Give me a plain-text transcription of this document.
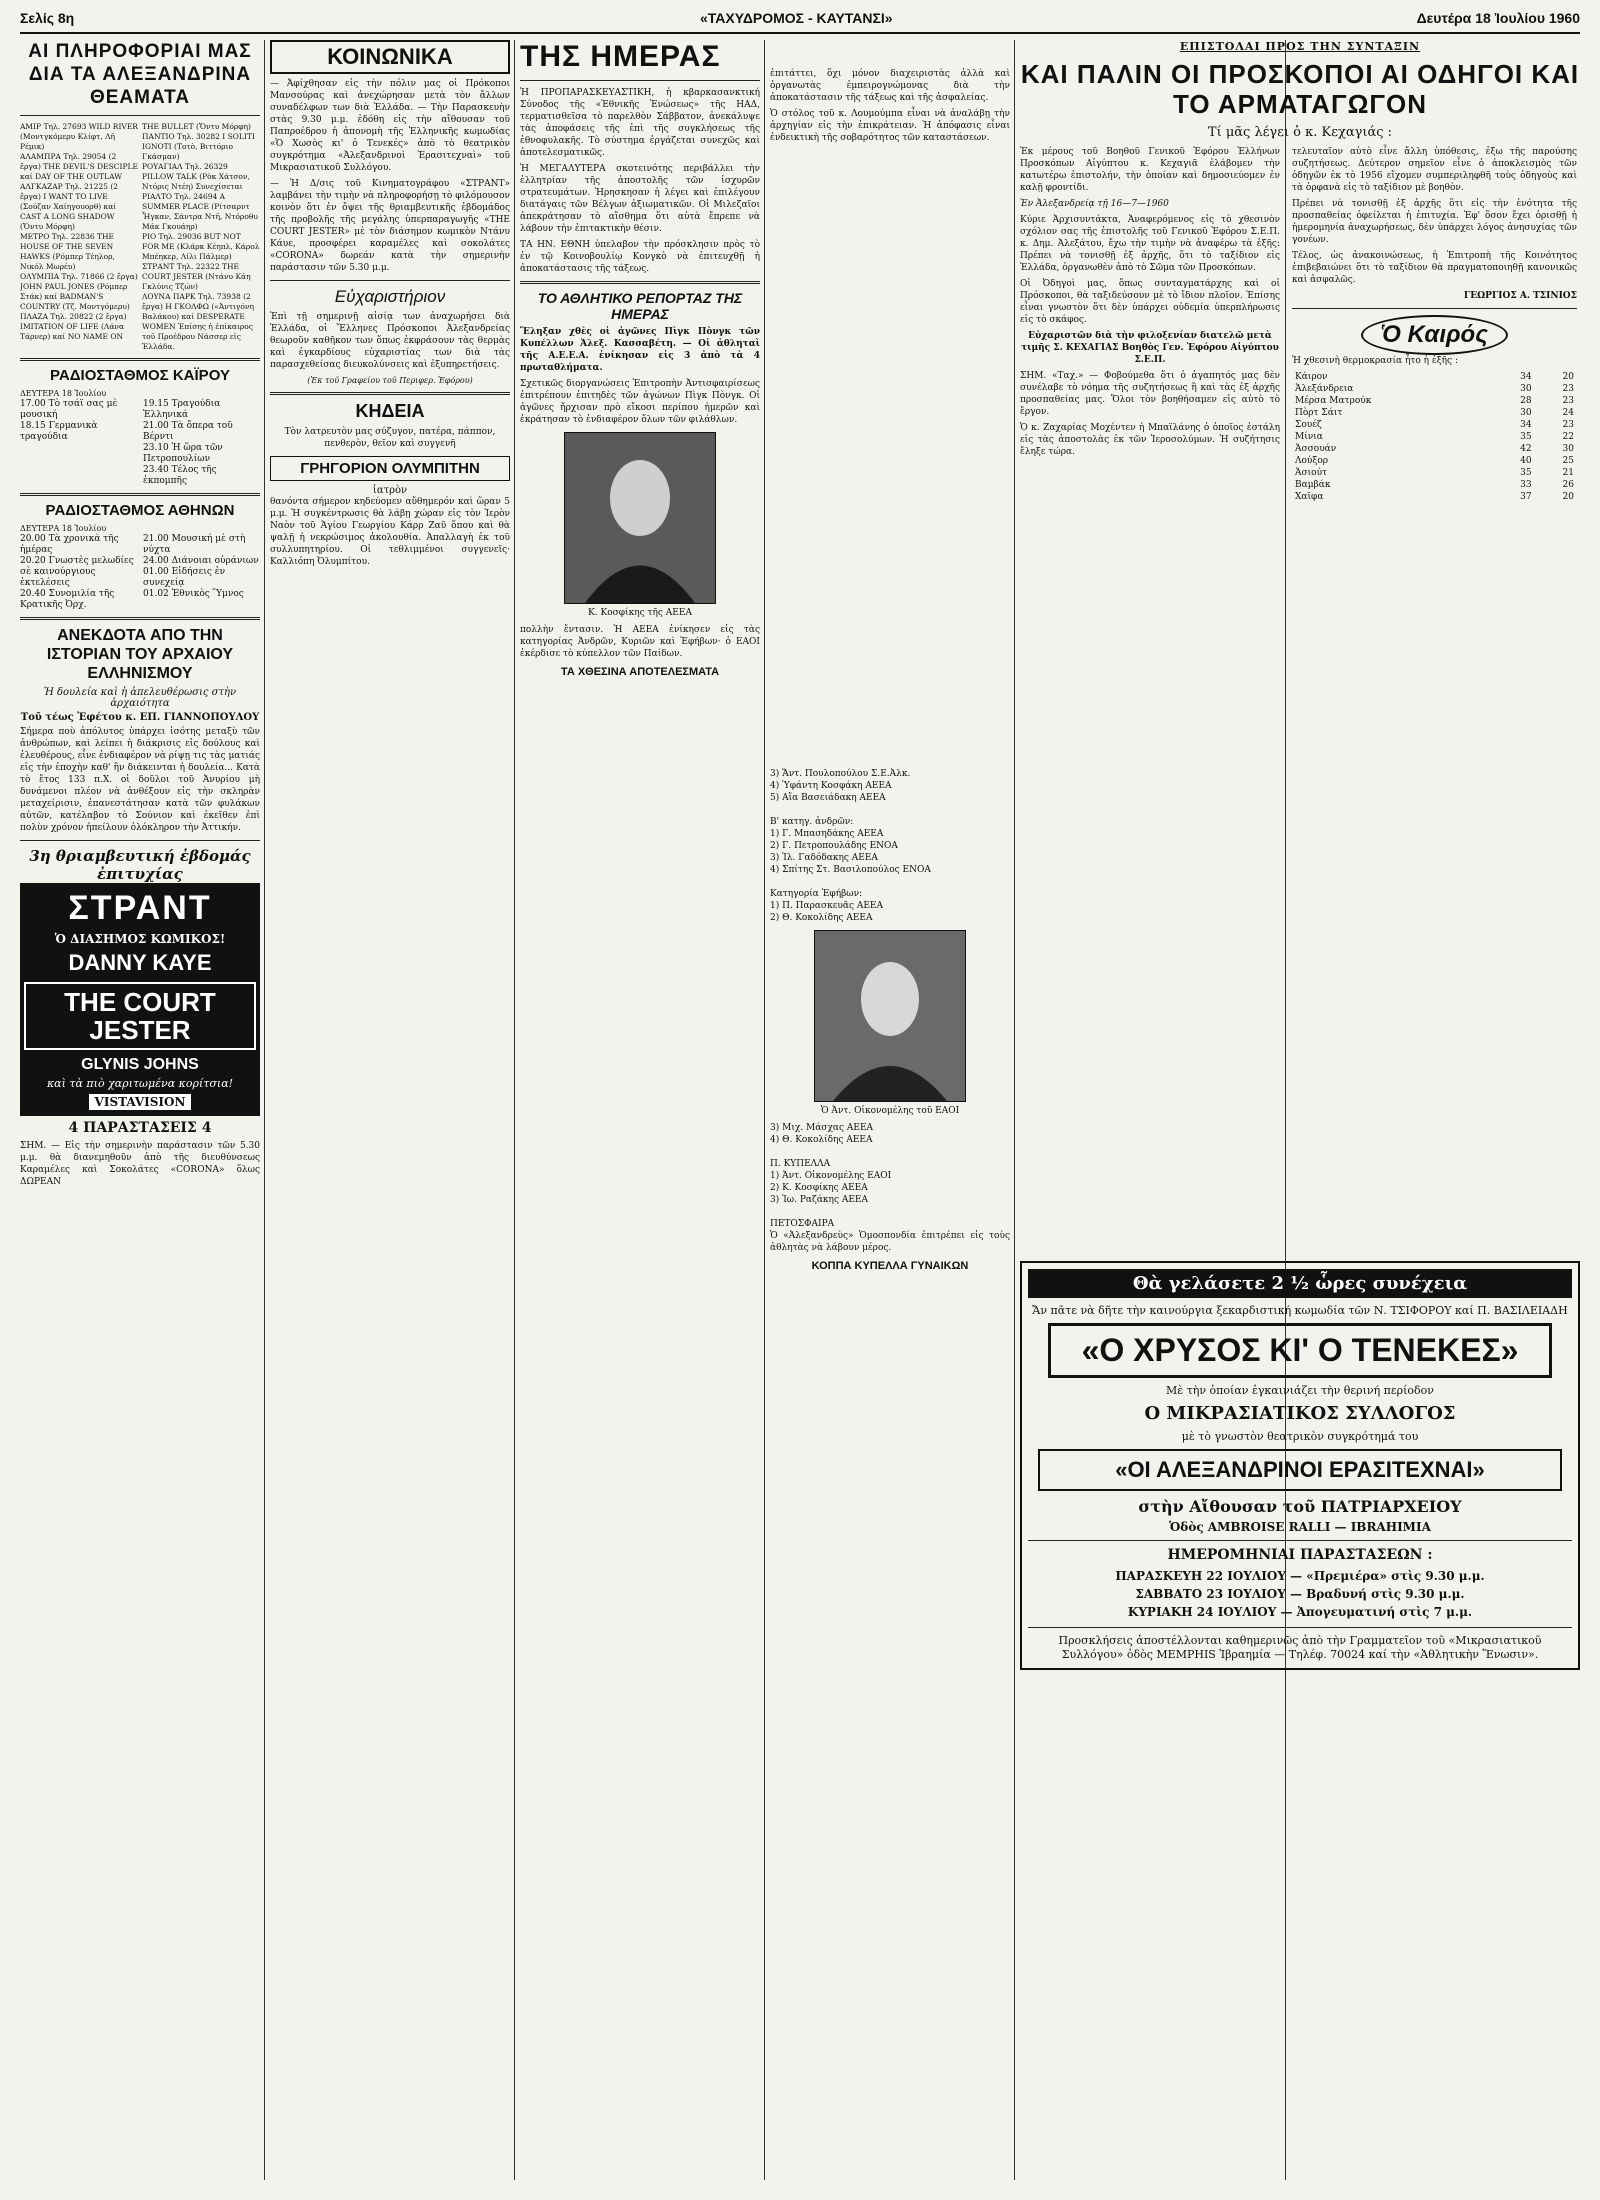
Σελίς 8η	«ΤΑΧΥΔΡΟΜΟΣ - ΚΑΥΤΑΝΣΙ»	Δευτέρα 18 Ἰουλίου 1960
ΑΙ ΠΛΗΡΟΦΟΡΙΑΙ ΜΑΣ ΔΙΑ ΤΑ ΑΛΕΞΑΝΔΡΙΝΑ ΘΕΑΜΑΤΑ

ΑΜΙΡ Τηλ. 27693 WILD RIVER (Μοντγκόμερυ Κλίφτ, Λῆ Ρέμικ)
ΑΛΑΜΠΡΑ Τηλ. 29054 (2 ἔργα) THE DEVIL'S DESCIPLE καί DAY OF THE OUTLAW
ΑΛΓΚΑΖΑΡ Τηλ. 21225 (2 ἔργα) I WANT TO LIVE (Σούζαν Χαίηγουορθ) καί CAST A LONG SHADOW (Ὄντυ Μόρφη)
ΜΕΤΡΟ Τηλ. 22836 THE HOUSE OF THE SEVEN HAWKS (Ρόμπερ Τέηλορ, Νικόλ Μωρέυ)
ΟΛΥΜΠΙΑ Τηλ. 71866 (2 ἔργα) JOHN PAUL JONES (Ρόμπερ Στάκ) καί BADMAN'S COUNTRY (Τζ. Μοντγόμερυ)
ΠΛΑΖΑ Τηλ. 20822 (2 ἔργα) IMITATION OF LIFE (Λάνα Τάρνερ) καί NO NAME ON

THE BULLET (Ὄντυ Μόρφη)
ΠΑΝΤΙΟ Τηλ. 30282 I SOLITI IGNOTI (Τοτὸ, Βιττόριο Γκάσμαν)
ΡΟΥΑΓΙΑΛ Τηλ. 26329 PILLOW TALK (Ρὸκ Χάτσον, Ντόρις Ντέη) Συνεχίσεται
ΡΙΑΛΤΟ Τηλ. 24694 A SUMMER PLACE (Ρίτσαρντ Ἦγκαν, Σάντρα Ντῆ, Ντόροθυ Μάκ Γκουάηρ)
ΡΙΟ Τηλ. 29036 BUT NOT FOR ME (Κλάρκ Κέηπλ, Κάρολ Μπέηκερ, Λίλι Πάλμερ)
ΣΤΡΑΝΤ Τηλ. 22322 THE COURT JESTER (Ντάνυ Κάη Γκλύνις Τζών)
ΛΟΥΝΑ ΠΑΡΚ Τηλ. 73938 (2 ἔργα) Η ΓΚΟΛΦΩ («Ἀντιγόνη Βαλάκου) καί DESPERATE WOMEN Ἐπίσης ἡ ἐπίκαιρος τοῦ Προέδρου Νάσσερ εἰς Ἑλλάδα.

ΡΑΔΙΟΣΤΑΘΜΟΣ ΚΑΪΡΟΥ
ΔΕΥΤΕΡΑ 18 Ἰουλίου
17.00 Τὸ τσάϊ σας μὲ μουσική
18.15 Γερμανικὰ τραγούδια
19.15 Τραγούδια Ἑλληνικά
21.00 Τὰ ὄπερα τοῦ Βέρντι
23.10 Ἡ ὥρα τῶν Πετροπουλίων
23.40 Τέλος τῆς ἐκπομπῆς
ΡΑΔΙΟΣΤΑΘΜΟΣ ΑΘΗΝΩΝ
ΔΕΥΤΕΡΑ 18 Ἰουλίου
20.00 Τὰ χρονικὰ τῆς ἡμέρας
20.20 Γνωστὲς μελωδίες σὲ καινούργιους ἐκτελέσεις
20.40 Συνομιλία τῆς Κρατικῆς Ὀρχ.
21.00 Μουσική μὲ στὴ νύχτα
24.00 Διάνοιαι οὐράνιων
01.00 Εἰδήσεις ἐν συνεχείᾳ
01.02 Ἐθνικὸς Ὕμνος
ΑΝΕΚΔΟΤΑ ΑΠΟ ΤΗΝ ΙΣΤΟΡΙΑΝ ΤΟΥ ΑΡΧΑΙΟΥ ΕΛΛΗΝΙΣΜΟΥ
Ἡ δουλεία καὶ ἡ ἀπελευθέρωσις στὴν ἀρχαιότητα
Τοῦ τέως Ἐφέτου κ. ΕΠ. ΓΙΑΝΝΟΠΟΥΛΟΥ

Σήμερα ποὺ ἀπόλυτος ὑπάρχει ἰσότης μεταξὺ τῶν ἀνθρώπων, καὶ λείπει ἡ διάκρισις εἰς δούλους καὶ ἐλευθέρους, εἶνε ἐνδιαφέρον νὰ ρίψῃ τις τὰς ματιάς εἰς τὴν ἐποχὴν καθ' ἣν διάκεινται ἡ δουλεία... Κατὰ τὸ ἔτος 133 π.Χ. οἱ δοῦλοι τοῦ Ἀνυρίου μὴ δυνάμενοι πλέον νὰ ἀνθέξουν εἰς τὴν σκληρὰν μεταχείρισιν, ἐπανεστάτησαν κατὰ τῶν φυλάκων αὐτῶν, κατέλαβον τὸ Σούνιον καὶ ἐκεῖθεν ἐπὶ πολὺν χρόνον ἠπείλουν ὁλόκληρον τὴν Ἀττικήν.

3η θριαμβευτική ἑβδομάς ἐπιτυχίας
ΣΤΡΑΝΤ
Ὁ ΔΙΑΣΗΜΟΣ ΚΩΜΙΚΟΣ!
DANNY KAYE
THE COURT JESTER
GLYNIS JOHNS
καὶ τὰ πιὸ χαριτωμένα κορίτσια!
VISTAVISION
4 ΠΑΡΑΣΤΑΣΕΙΣ 4

ΣΗΜ. — Εἰς τὴν σημερινὴν παράστασιν τῶν 5.30 μ.μ. θὰ διανεμηθοῦν ἀπὸ τῆς διευθύνσεως Καραμέλες καὶ Σοκολάτες «CORONA» ὅλως ΔΩΡΕΑΝ

ΚΟΙΝΩΝΙΚΑ

— Ἀφίχθησαν εἰς τὴν πόλιν μας οἱ Πρόκοποι Μανσούρας καὶ ἀνεχώρησαν μετὰ τὸν ἄλλων συναδέλφων των διὰ Ἑλλάδα. — Τὴν Παρασκευὴν στὰς 9.30 μ.μ. ἐδόθη εἰς τὴν αἴθουσαν τοῦ Παπροέδρου ἡ ἀπονομὴ τῆς Ἑλληνικῆς κωμωδίας «Ὁ Χωσὸς κι' ὁ Τενεκές» ἀπὸ τὸ θεατρικὸν συγκρότημα «Ἀλεξανδρινοὶ Ἐρασιτεχναὶ» τοῦ Μικρασιατικοῦ Συλλόγου.

— Ἡ Δ/σις τοῦ Κινηματογράφου «ΣΤΡΑΝΤ» λαμβάνει τὴν τιμὴν νὰ πληροφορήσῃ τὸ φιλόμουσον κοινὸν ὅτι ἐν ὄψει τῆς θριαμβευτικῆς ἑβδομάδος τῆς προβολῆς τῆς μεγάλης ὑπερπαραγωγῆς «THE COURT JESTER» μὲ τὸν διάσημον κωμικὸν Ντάνυ Κάυε, προσφέρει καραμέλες καὶ σοκολάτες «CORONA» δωρεάν κατὰ τὴν σημερινὴν παράστασιν τῶν 5.30 μ.μ.

Εὐχαριστήριον

Ἐπὶ τῇ σημερινῇ αἰσίᾳ των ἀναχωρήσει διὰ Ἑλλάδα, οἱ Ἕλληνες Πρόσκοποι Ἀλεξανδρείας θεωροῦν καθῆκον των ὅπως ἐκφράσουν τὰς θερμὰς καὶ ἐγκαρδίους εὐχαριστίας των διὰ τὰς παρασχεθείσας διευκολύνσεις καὶ ἐξυπηρετήσεις.

(Ἐκ τοῦ Γραφείου τοῦ Περιφερ. Ἐφόρου)
ΚΗΔΕΙΑ

Τὸν λατρευτὸν μας σύζυγον, πατέρα, πάππον, πενθερὸν, θεῖον καὶ συγγενῆ

ΓΡΗΓΟΡΙΟΝ ΟΛΥΜΠΙΤΗΝ
ἰατρὸν

θανόντα σήμερον κηδεύομεν αὔθημερόν καὶ ὥραν 5 μ.μ. Ἡ συγκέντρωσις θὰ λάβῃ χώραν εἰς τὸν Ἱερὸν Ναὸν τοῦ Ἁγίου Γεωργίου Κάρρ Ζαῦ ὅπου καὶ θὰ ψαλῇ ἡ νεκρώσιμος ἀκολουθία. Ἀπαλλαγὴ ἐκ τοῦ συλλυπητηρίου. Οἱ τεθλιμμένοι συγγενεῖς· Καλλιόπη Ὀλυμπίτου.

ΤΗΣ ΗΜΕΡΑΣ

Ἡ ΠΡΟΠΑΡΑΣΚΕΥΑΣΤΙΚΗ, ἡ κβαρκασανκτική Σύνοδος τῆς «Ἑθνικῆς Ἑνώσεως» τῆς ΗΑΔ, τερματισθεῖσα τὸ παρελθὸν Σάββατον, ἀνεκάλυψε τὰς ἀποφάσεις τῆς ἐπὶ τῆς συγκλήσεως τῆς ἐθνοφυλακῆς. Τὸ σύστημα ἐργάζεται συνεχῶς καὶ ἀποτελεσματικῶς.

Ἡ ΜΕΓΑΛΥΤΕΡΑ σκοτεινότης περιβάλλει τὴν ἐλλητρίαν τῆς ἀποστολῆς τῶν ἰσχυρῶν στρατευμάτων. Ἡρησκησαν ἡ λέγει καὶ ἐπιλέγουν διατάγαις τῶν Βέλγων ἀξιωματικῶν. Οἱ Μιλεζαῖοι ἀπεκράτησαν τὸ αἴσθημα ὅτι αὐτὰ ἔπρεπε νὰ λάβουν τὴν ἐπιτακτικὴν θέσιν.

ΤΑ ΗΝ. ΕΘΝΗ ὑπελαβον τὴν πρόσκλησιν πρὸς τὸ ἐν τῷ Κοινοβουλίῳ Κονγκὸ νὰ ἐπιτευχθῇ ἡ ἀποκατάστασις τῆς τάξεως.

ΤΟ ΑΘΛΗΤΙΚΟ ΡΕΠΟΡΤΑΖ ΤΗΣ ΗΜΕΡΑΣ

Ἔληξαν χθὲς οἱ ἀγῶνες Πὶγκ Πὸνγκ τῶν Κυπέλλων Ἀλεξ. Κασσαβέτη. — Οἱ ἀθληταὶ τῆς Α.Ε.Ε.Α. ἐνίκησαν εἰς 3 ἀπὸ τὰ 4 πρωταθλήματα.

Σχετικῶς διοργανώσεις Ἐπιτροπὴν Ἀντισφαιρίσεως ἐπιτρέπουν ἐπιτηδὲς τῶν ἀγώνων Πὶγκ Πὸνγκ. Οἱ ἀγῶνες ἤρχισαν πρὸ εἴκοσι περίπου ἡμερῶν καὶ ἐκράτησαν τὸ ἐνδιαφέρον ὅλων τῶν φιλάθλων.

Κ. Κοσφίκης τῆς ΑΕΕΑ

πολλὴν ἔντασιν. Ἡ ΑΕΕΑ ἐνίκησεν εἰς τὰς κατηγορίας Ἀνδρῶν, Κυριῶν καὶ Ἐφήβων· ὁ ΕΑΟΙ ἐκέρδισε τὸ κύπελλον τῶν Παίδων.

ΤΑ ΧΘΕΣΙΝΑ ΑΠΟΤΕΛΕΣΜΑΤΑ

ἐπιτάττει, ὅχι μόνον διαχειριστὰς ἀλλὰ καὶ ὀργανωτὰς ἐμπειρογνώμονας διὰ τὴν ἀποκατάστασιν τῆς τάξεως καὶ τῆς ἀσφαλείας.

Ὁ στόλος τοῦ κ. Λουμούμπα εἶναι νὰ ἀναλάβῃ τὴν ἀρχηγίαν εἰς τὴν ἐπικράτειαν. Ἡ ἀπόφασις εἶναι ἐνδεικτικὴ τῆς σοβαρότητος τῶν καταστάσεων.

3) Ἄντ. Πουλοπούλου Σ.Ε.Ἀλκ.
4) Ὑφάντη Κοσφάκη ΑΕΕΑ
5) Αἴα Βασειάδακη ΑΕΕΑ

Β' κατηγ. ἀνδρῶν:
1) Γ. Μπασηδάκης ΑΕΕΑ
2) Γ. Πετροπουλάδης ΕΝΟΑ
3) Ἰλ. Γαδόδακης ΑΕΕΑ
4) Σπίτης Στ. Βασιλοπούλος ΕΝΟΑ

Κατηγορία Ἐφήβων:
1) Π. Παρασκευᾶς ΑΕΕΑ
2) Θ. Κοκολίδης ΑΕΕΑ

Ὁ Ἀντ. Οἰκονομέλης τοῦ ΕΑΟΙ

3) Μιχ. Μάσχας ΑΕΕΑ
4) Θ. Κοκολίδης ΑΕΕΑ

Π. ΚΥΠΕΛΛΑ
1) Ἀντ. Οἰκονομέλης ΕΑΟΙ
2) Κ. Κοσφίκης ΑΕΕΑ
3) Ἰω. Ραζάκης ΑΕΕΑ

ΠΕΤΟΣΦΑΙΡΑ
Ὁ «Ἀλεξανδρεὺς» Ὁμοσπονδία ἐπιτρέπει εἰς τοὺς ἀθλητὰς νὰ λάβουν μέρος.

ΚΟΠΠΑ ΚΥΠΕΛΛΑ ΓΥΝΑΙΚΩΝ
ΕΠΙΣΤΟΛΑΙ ΠΡΟΣ ΤΗΝ ΣΥΝΤΑΞΙΝ
ΚΑΙ ΠΑΛΙΝ ΟΙ ΠΡΟΣΚΟΠΟΙ ΑΙ ΟΔΗΓΟΙ ΚΑΙ ΤΟ ΑΡΜΑΤΑΓΩΓΟΝ
Τί μᾶς λέγει ὁ κ. Κεχαγιάς :

Ἐκ μέρους τοῦ Βοηθοῦ Γενικοῦ Ἐφόρου Ἑλλήνων Προσκόπων Αἰγύπτου κ. Κεχαγιᾶ ἐλάβομεν τὴν κατωτέρω ἐπιστολήν, τὴν ὁποίαν καὶ δημοσιεύομεν ἐν καλῇ φροντίδι.

Ἐν Ἀλεξανδρείᾳ τῇ 16—7—1960

Κύριε Ἀρχισυντάκτα, Ἀναφερόμενος εἰς τὸ χθεσινὸν σχόλιον σας τῆς ἐπιστολῆς τοῦ Γενικοῦ Ἐφόρου Σ.Ε.Π. κ. Δημ. Ἀλεξάτου, ἔχω τὴν τιμὴν νὰ ἀναφέρω τὰ ἑξῆς: Πρέπει νὰ τονισθῇ ἐξ ἀρχῆς, ὅτι τὸ ταξίδιον εἰς Ἑλλάδα, ὀργανωθὲν ἀπὸ τὸ Σῶμα τῶν Προσκόπων.

Οἱ Ὀδηγοὶ μας, ὅπως συνταγματάρχης καὶ οἱ Πρόσκοποι, θὰ ταξιδεύσουν μὲ τὸ ἴδιον πλοῖον. Ἐπίσης εἶναι γνωστὸν ὅτι δὲν ὑπάρχει οὐδεμία ὑπερπλήρωσις εἰς τὸ σκάφος.

Εὐχαριστῶν διὰ τὴν φιλοξενίαν διατελῶ μετὰ τιμῆς Σ. ΚΕΧΑΓΙΑΣ Βοηθὸς Γεν. Ἐφόρου Αἰγύπτου Σ.Ε.Π.

ΣΗΜ. «Ταχ.» — Φοβούμεθα ὅτι ὁ ἀγαπητός μας δὲν συνέλαβε τὸ νόημα τῆς συζητήσεως ἢ καὶ τὰς ἐξ ἀρχῆς προσπαθείας μας. Ὅλοι τὸν βοηθήσαμεν εἰς αὐτὸ τὸ ἔργον.

Ὁ κ. Ζαχαρίας Μοχέντεν ἡ Μπαϊλάνης ὁ ὁποῖος ἐστάλη εἰς τὰς ἀποστολὰς ἐκ τῶν Ἱεροσολύμων. Ἡ συζήτησις ἔληξε τώρα.

τελευταῖον αὐτὸ εἶνε ἄλλη ὑπόθεσις, ἐξω τῆς παρούσης συζητήσεως. Δεύτερον σημεῖον εἶνε ὁ ἀποκλεισμὸς τῶν ὁδηγῶν ἐκ τὸ 1956 εἴχομεν συμπεριληφθῆ τοὺς ὁδηγοὺς καὶ τὰ ὀρφανὰ εἰς τὸ ταξίδιον μὲ βοηθὸν.

Πρέπει νὰ τονισθῇ ἐξ ἀρχῆς ὅτι εἰς τὴν ἑνότητα τῆς προσπαθείας ὀφείλεται ἡ ἐπιτυχία. Ἐφ' ὅσον ἔχει ὁρισθῇ ἡ ἡμερομηνία ἀναχωρήσεως, δὲν ὑπάρχει λόγος ἀνησυχίας τῶν γονέων.

Τέλος, ὡς ἀνακοινώσεως, ἡ Ἐπιτροπὴ τῆς Κοινότητος ἐπιβεβαιώνει ὅτι τὸ ταξίδιον θὰ πραγματοποιηθῇ κανονικῶς καὶ ἀσφαλῶς.

ΓΕΩΡΓΙΟΣ Α. ΤΣΙΝΙΟΣ

Ὁ Καιρός

Ἡ χθεσινὴ θερμοκρασία ἦτο ἡ ἑξῆς :

Κάιρον	34	20
Ἀλεξάνδρεια	30	23
Μέρσα Ματρούκ	28	23
Πὸρτ Σάιτ	30	24
Σουέζ	34	23
Μίνια	35	22
Ἀσσουάν	42	30
Λούξορ	40	25
Ἀσιούτ	35	21
Βαμβάκ	33	26
Χαϊφα	37	20
Θὰ γελάσετε 2 ½ ὧρες συνέχεια
Ἄν πᾶτε νὰ δῆτε τὴν καινούργια ξεκαρδιστική κωμωδία τῶν Ν. ΤΣΙΦΟΡΟΥ καί Π. ΒΑΣΙΛΕΙΑΔΗ
«Ο ΧΡΥΣΟΣ ΚΙ' Ο ΤΕΝΕΚΕΣ»
Μὲ τὴν ὁποίαν ἐγκαινιάζει τὴν θερινή περίοδον
Ο ΜΙΚΡΑΣΙΑΤΙΚΟΣ ΣΥΛΛΟΓΟΣ
μὲ τὸ γνωστὸν θεατρικὸν συγκρότημά του
«ΟΙ ΑΛΕΞΑΝΔΡΙΝΟΙ ΕΡΑΣΙΤΕΧΝΑΙ»
στὴν Αἴθουσαν τοῦ ΠΑΤΡΙΑΡΧΕΙΟΥ
Ὁδὸς AMBROISE RALLI — IBRAHIMIA
ΗΜΕΡΟΜΗΝΙΑΙ ΠΑΡΑΣΤΑΣΕΩΝ :
ΠΑΡΑΣΚΕΥΗ 22 ΙΟΥΛΙΟΥ — «Πρεμιέρα» στὶς 9.30 μ.μ.
ΣΑΒΒΑΤΟ 23 ΙΟΥΛΙΟΥ — Βραδυνή στὶς 9.30 μ.μ.
ΚΥΡΙΑΚΗ 24 ΙΟΥΛΙΟΥ — Ἀπογευματινή στὶς 7 μ.μ.
Προσκλήσεις ἀποστέλλονται καθημερινῶς ἀπὸ τὴν Γραμματεῖον τοῦ «Μικρασιατικοῦ Συλλόγου» ὁδὸς MEMPHIS Ἰβραημία — Τηλέφ. 70024 καί τὴν «Ἀθλητικὴν Ἕνωσιν».
